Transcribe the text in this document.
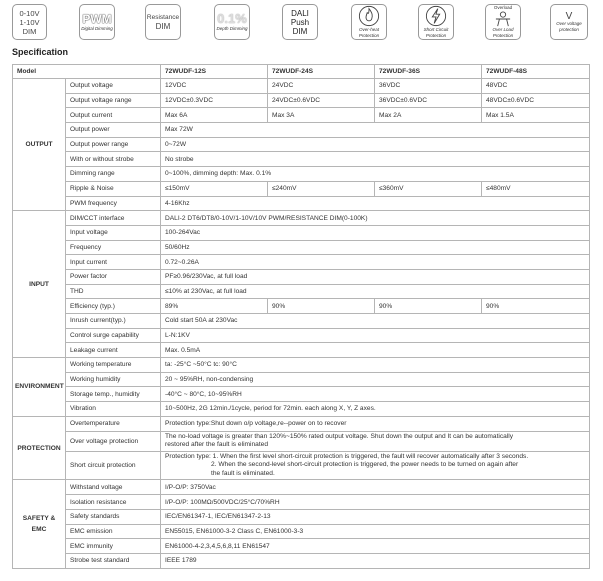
0-10V
1-10V
DIM
PWM
Digital Dimming
Resistance
DIM
0.1%
Depth Dimming
DALI
Push DIM	Over-heat Protection
Short Circuit Protection
Overload
Over Load Protection
V
Over voltage protection
Specification
Model		72WUDF-12S	72WUDF-24S	72WUDF-36S	72WUDF-48S
OUTPUT	Output voltage	12VDC	24VDC	36VDC	48VDC
	Output voltage range	12VDC±0.3VDC	24VDC±0.6VDC	36VDC±0.6VDC	48VDC±0.6VDC
	Output current	Max 6A	Max 3A	Max 2A	Max 1.5A
	Output power	Max 72W			
	Output power range	0~72W			
	With or without strobe	No strobe			
	Dimming range	0~100%, dimming depth: Max. 0.1%			
	Ripple & Noise	≤150mV	≤240mV	≤360mV	≤480mV
	PWM frequency	4-16Khz			
INPUT	DIM/CCT interface	DALI-2 DT6/DT8/0-10V/1-10V/10V PWM/RESISTANCE DIM(0-100K)			
	Input voltage	100-264Vac			
	Frequency	50/60Hz			
	Input current	0.72~0.26A			
	Power factor	PF≥0.96/230Vac, at full load			
	THD	≤10% at 230Vac, at full load			
	Efficiency (typ.)	89%	90%	90%	90%
	Inrush current(typ.)	Cold start 50A at 230Vac			
	Control surge capability	L-N:1KV			
	Leakage current	Max. 0.5mA			
ENVIRONMENT	Working temperature	ta: -25°C ~50°C tc: 90°C			
	Working humidity	20 ~ 95%RH, non-condensing			
	Storage temp., humidity	-40°C ~ 80°C, 10~95%RH			
	Vibration	10~500Hz, 2G 12min./1cycle, period for 72min. each along X, Y, Z axes.			
PROTECTION	Overtemperature	Protection type:Shut down o/p voltage,re--power on to recover			
	Over voltage protection	The no-load voltage is greater than 120%~150% rated output voltage. Shut down the output and It can be automatically
restored after the fault is eliminated			

	Short circuit protection	Protection type: 1. When the first level short-circuit protection is triggered, the fault will recover automatically after 3 seconds.
2. When the second-level short-circuit protection is triggered, the power needs to be turned on again after
the fault is eliminated.			

SAFETY & EMC	Withstand voltage	I/P-O/P: 3750Vac			
	Isolation resistance	I/P-O/P: 100MΩ/500VDC/25°C/70%RH			
	Safety standards	IEC/EN61347-1, IEC/EN61347-2-13			
	EMC emission	EN55015, EN61000-3-2 Class C, EN61000-3-3			
	EMC immunity	EN61000-4-2,3,4,5,6,8,11 EN61547			
	Strobe test standard	IEEE 1789			
